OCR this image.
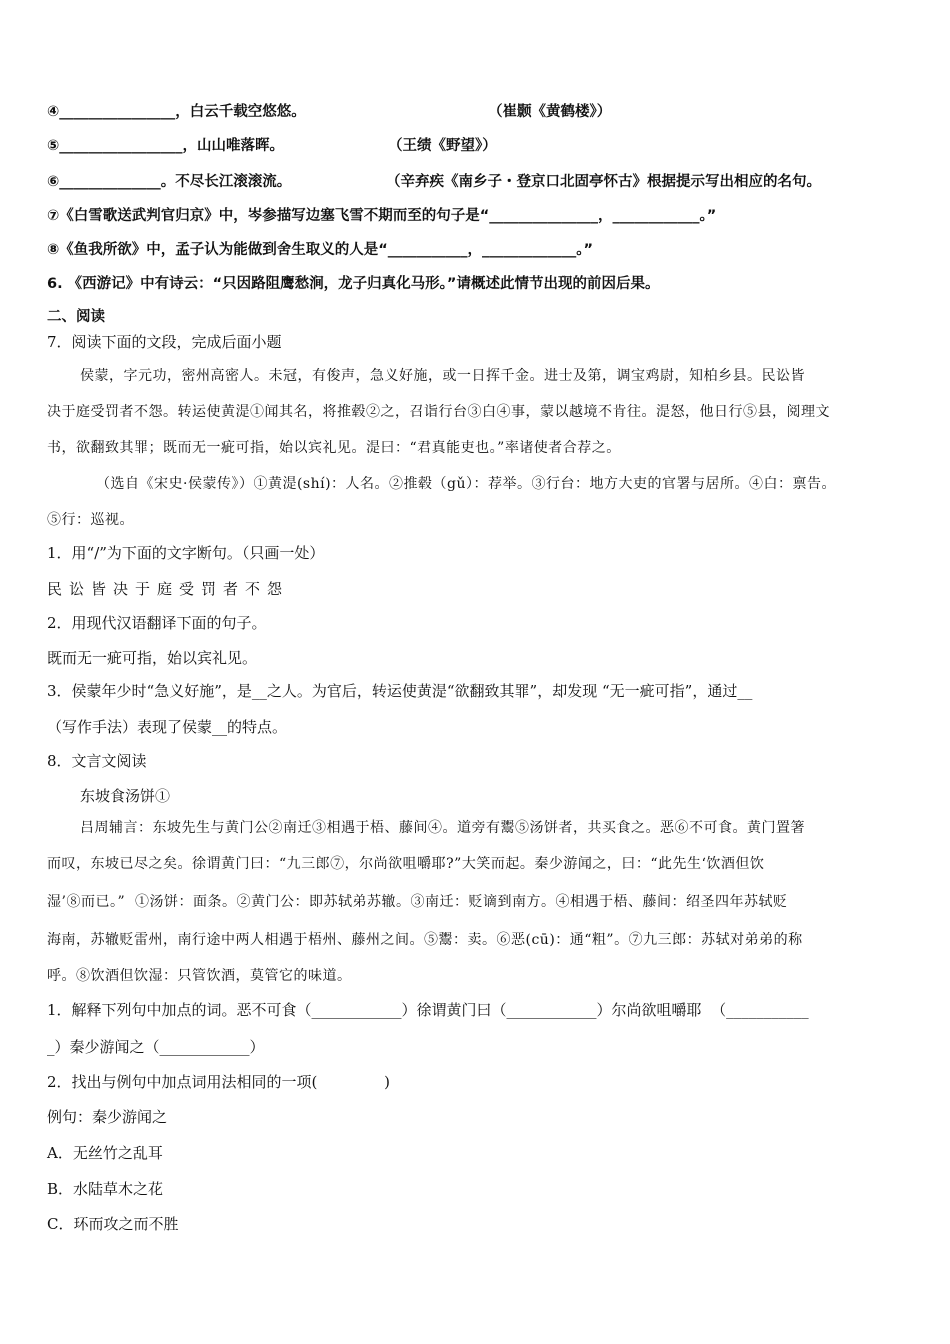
④________________，白云千载空悠悠。	（崔颢《黄鹤楼》）
⑤_________________，山山唯落晖。	（王绩《野望》）
⑥______________。不尽长江滚滚流。	（辛弃疾《南乡子・登京口北固亭怀古》根据提示写出相应的名句。
⑦《白雪歌送武判官归京》中，岑参描写边塞飞雪不期而至的句子是“_______________，____________。”
⑧《鱼我所欲》中，孟子认为能做到舍生取义的人是“___________，_____________。”
6. 《西游记》中有诗云：“只因路阻鹰愁涧，龙子归真化马形。”请概述此情节出现的前因后果。
二、阅读
7．阅读下面的文段，完成后面小题
侯蒙，字元功，密州高密人。未冠，有俊声，急义好施，或一日挥千金。进士及第，调宝鸡尉，知柏乡县。民讼皆
决于庭受罚者不怨。转运使黄湜①闻其名，将推毂②之，召诣行台③白④事，蒙以越境不肯往。湜怒，他日行⑤县，阅理文
书，欲翻致其罪；既而无一疵可指，始以宾礼见。湜曰：“君真能吏也。”率诸使者合荐之。
（选自《宋史·侯蒙传》）①黄湜(shí)：人名。②推毂（gǔ）：荐举。③行台：地方大吏的官署与居所。④白：禀告。
⑤行：巡视。
1．用“/”为下面的文字断句。（只画一处）
民讼皆决于庭受罚者不怨
2．用现代汉语翻译下面的句子。
既而无一疵可指，始以宾礼见。
3．侯蒙年少时“急义好施”，是__之人。为官后，转运使黄湜“欲翻致其罪”，却发现 “无一疵可指”，通过__
（写作手法）表现了侯蒙__的特点。
8．文言文阅读
东坡食汤饼①
吕周辅言：东坡先生与黄门公②南迁③相遇于梧、藤间④。道旁有鬻⑤汤饼者，共买食之。恶⑥不可食。黄门置箸
而叹，东坡已尽之矣。徐谓黄门曰：“九三郎⑦，尔尚欲咀嚼耶?”大笑而起。秦少游闻之，曰：“此先生‘饮酒但饮
湿’⑧而已。”  ①汤饼：面条。②黄门公：即苏轼弟苏辙。③南迁：贬谪到南方。④相遇于梧、藤间：绍圣四年苏轼贬
海南，苏辙贬雷州，南行途中两人相遇于梧州、藤州之间。⑤鬻：卖。⑥恶(cū)：通“粗”。⑦九三郎：苏轼对弟弟的称
呼。⑧饮酒但饮湿：只管饮酒，莫管它的味道。
1．解释下列句中加点的词。恶不可食（____________）徐谓黄门曰（____________）尔尚欲咀嚼耶  （___________
_）秦少游闻之（____________）
2．找出与例句中加点词用法相同的一项(              )
例句：秦少游闻之
A．无丝竹之乱耳
B．水陆草木之花
C．环而攻之而不胜
